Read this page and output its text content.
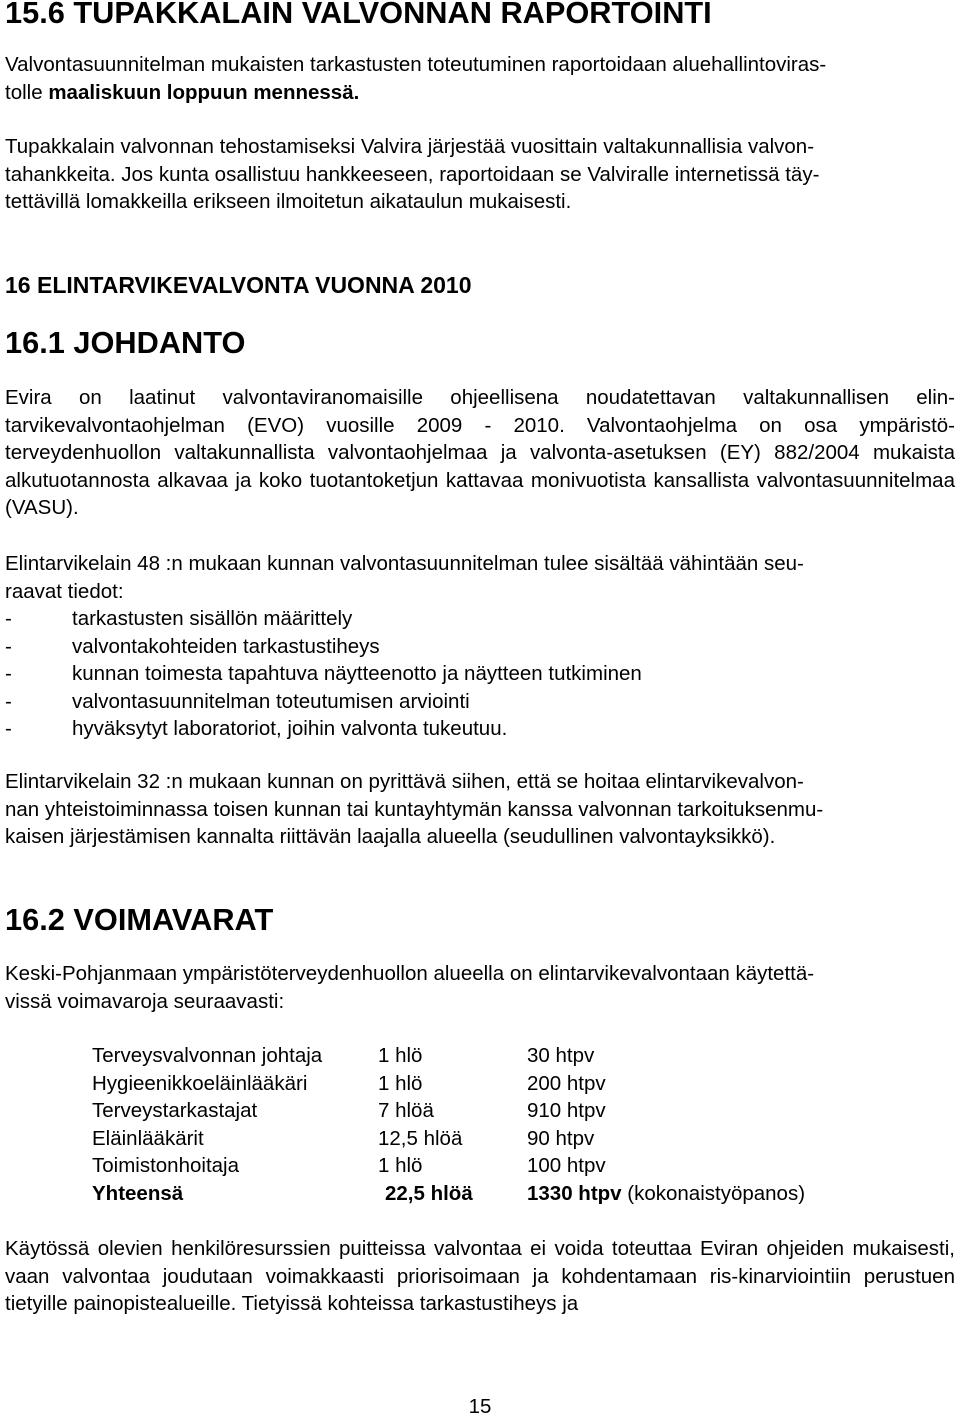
15.6 TUPAKKALAIN VALVONNAN RAPORTOINTI

Valvontasuunnitelman mukaisten tarkastusten toteutuminen raportoidaan aluehallintoviras-
tolle maaliskuun loppuun mennessä.

Tupakkalain valvonnan tehostamiseksi Valvira järjestää vuosittain valtakunnallisia valvon-
tahankkeita. Jos kunta osallistuu hankkeeseen, raportoidaan se Valviralle internetissä täy-
tettävillä lomakkeilla erikseen ilmoitetun aikataulun mukaisesti.

16 ELINTARVIKEVALVONTA VUONNA 2010
16.1 JOHDANTO

Evira on laatinut valvontaviranomaisille ohjeellisena noudatettavan valtakunnallisen elin-tarvikevalvontaohjelman (EVO) vuosille 2009 - 2010. Valvontaohjelma on osa ympäristö-terveydenhuollon valtakunnallista valvontaohjelmaa ja valvonta-asetuksen (EY) 882/2004 mukaista alkutuotannosta alkavaa ja koko tuotantoketjun kattavaa monivuotista kansallista valvontasuunnitelmaa (VASU).

Elintarvikelain 48 :n mukaan kunnan valvontasuunnitelman tulee sisältää vähintään seu-
raavat tiedot:

-	tarkastusten sisällön määrittely
-	valvontakohteiden tarkastustiheys
-	kunnan toimesta tapahtuva näytteenotto ja näytteen tutkiminen
-	valvontasuunnitelman toteutumisen arviointi
-	hyväksytyt laboratoriot, joihin valvonta tukeutuu.

Elintarvikelain 32 :n mukaan kunnan on pyrittävä siihen, että se hoitaa elintarvikevalvon-
nan yhteistoiminnassa toisen kunnan tai kuntayhtymän kanssa valvonnan tarkoituksenmu-
kaisen järjestämisen kannalta riittävän laajalla alueella (seudullinen valvontayksikkö).

16.2 VOIMAVARAT

Keski-Pohjanmaan ympäristöterveydenhuollon alueella on elintarvikevalvontaan käytettä-
vissä voimavaroja seuraavasti:

Terveysvalvonnan johtaja	1 hlö	30 htpv
Hygieenikkoeläinlääkäri	1 hlö	200 htpv
Terveystarkastajat	7 hlöä	910 htpv
Eläinlääkärit	12,5 hlöä	90 htpv
Toimistonhoitaja	1 hlö	100 htpv
Yhteensä	22,5 hlöä	1330 htpv (kokonaistyöpanos)

Käytössä olevien henkilöresurssien puitteissa valvontaa ei voida toteuttaa Eviran ohjeiden mukaisesti, vaan valvontaa joudutaan voimakkaasti priorisoimaan ja kohdentamaan ris-kinarviointiin perustuen tietyille painopistealueille. Tietyissä kohteissa tarkastustiheys ja

15
